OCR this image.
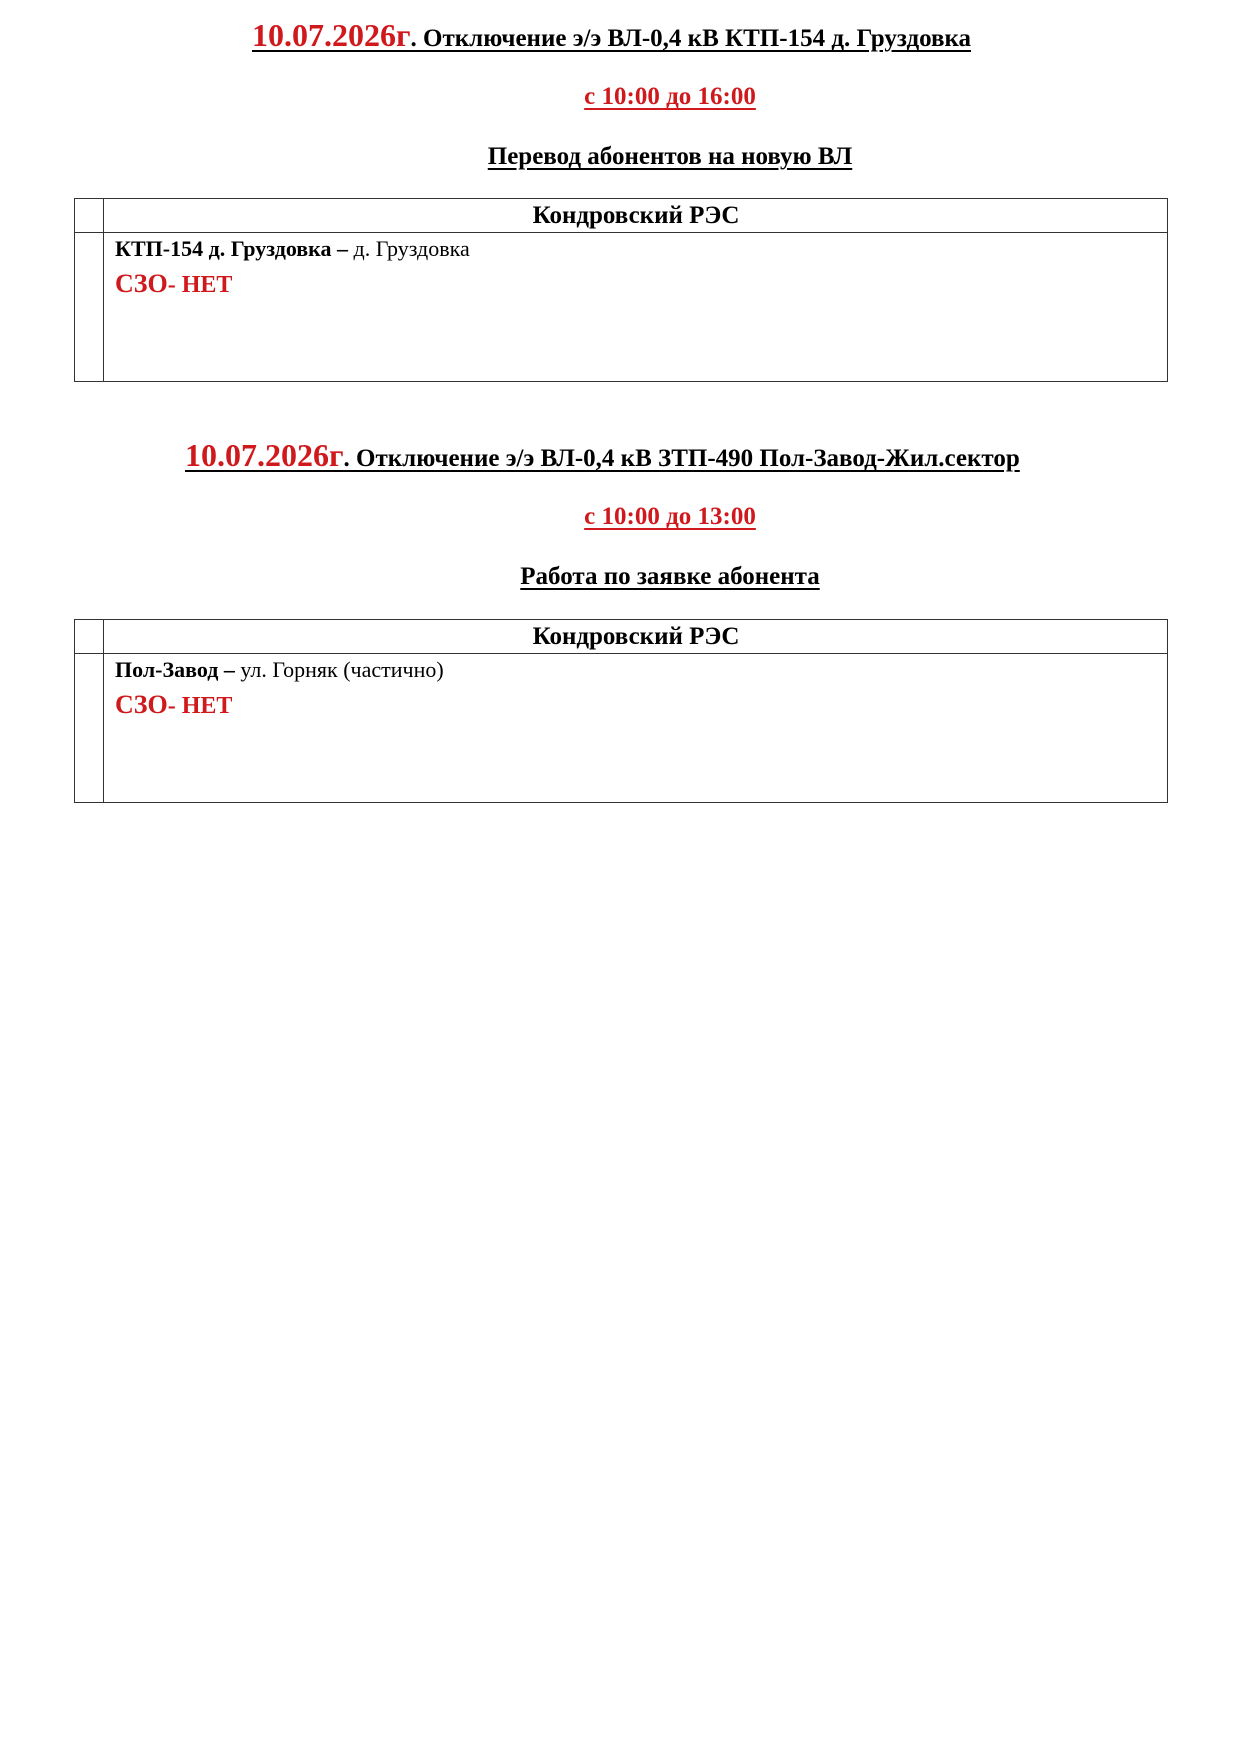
10.07.2026г. Отключение э/э ВЛ-0,4 кВ КТП-154 д. Груздовка
с 10:00 до 16:00
Перевод абонентов на новую ВЛ
Кондровский РЭС
КТП-154 д. Груздовка – д. Груздовка
СЗО- НЕТ
10.07.2026г. Отключение э/э ВЛ-0,4 кВ ЗТП-490 Пол-Завод-Жил.сектор
с 10:00 до 13:00
Работа по заявке абонента
Кондровский РЭС
Пол-Завод – ул. Горняк (частично)
СЗО- НЕТ
